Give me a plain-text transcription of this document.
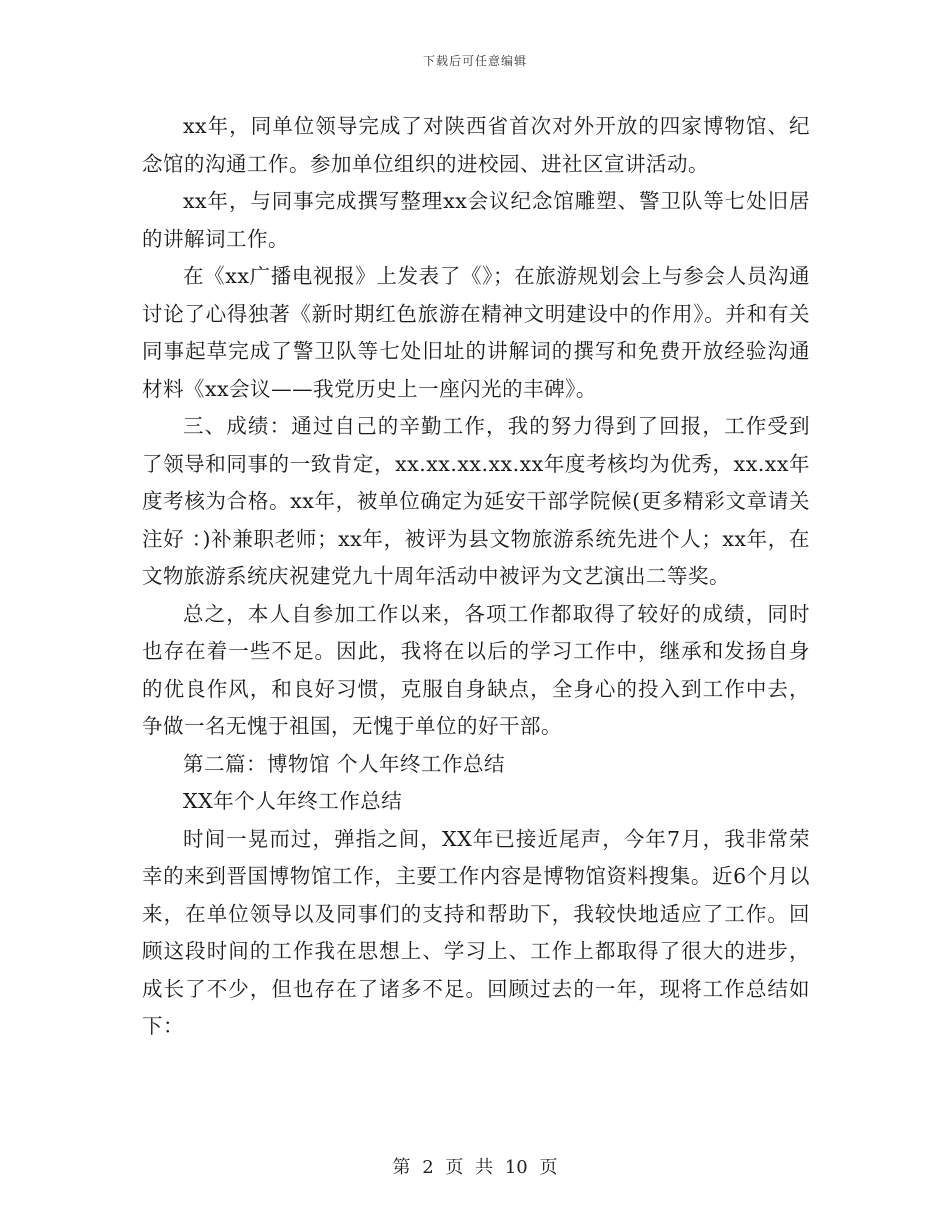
下载后可任意编辑

xx年，同单位领导完成了对陕西省首次对外开放的四家博物馆、纪念馆的沟通工作。参加单位组织的进校园、进社区宣讲活动。

xx年，与同事完成撰写整理xx会议纪念馆雕塑、警卫队等七处旧居的讲解词工作。

在《xx广播电视报》上发表了《》；在旅游规划会上与参会人员沟通讨论了心得独著《新时期红色旅游在精神文明建设中的作用》。并和有关同事起草完成了警卫队等七处旧址的讲解词的撰写和免费开放经验沟通材料《xx会议——我党历史上一座闪光的丰碑》。

三、成绩：通过自己的辛勤工作，我的努力得到了回报，工作受到了领导和同事的一致肯定，xx.xx.xx.xx.xx年度考核均为优秀，xx.xx年度考核为合格。xx年，被单位确定为延安干部学院候(更多精彩文章请关注好 ：)补兼职老师；xx年，被评为县文物旅游系统先进个人；xx年，在文物旅游系统庆祝建党九十周年活动中被评为文艺演出二等奖。

总之，本人自参加工作以来，各项工作都取得了较好的成绩，同时也存在着一些不足。因此，我将在以后的学习工作中，继承和发扬自身的优良作风，和良好习惯，克服自身缺点，全身心的投入到工作中去，争做一名无愧于祖国，无愧于单位的好干部。

第二篇：博物馆 个人年终工作总结

XX年个人年终工作总结

时间一晃而过，弹指之间，XX年已接近尾声，今年7月，我非常荣幸的来到晋国博物馆工作，主要工作内容是博物馆资料搜集。近6个月以来，在单位领导以及同事们的支持和帮助下，我较快地适应了工作。回顾这段时间的工作我在思想上、学习上、工作上都取得了很大的进步，成长了不少，但也存在了诸多不足。回顾过去的一年，现将工作总结如下：

第 2 页 共 10 页
